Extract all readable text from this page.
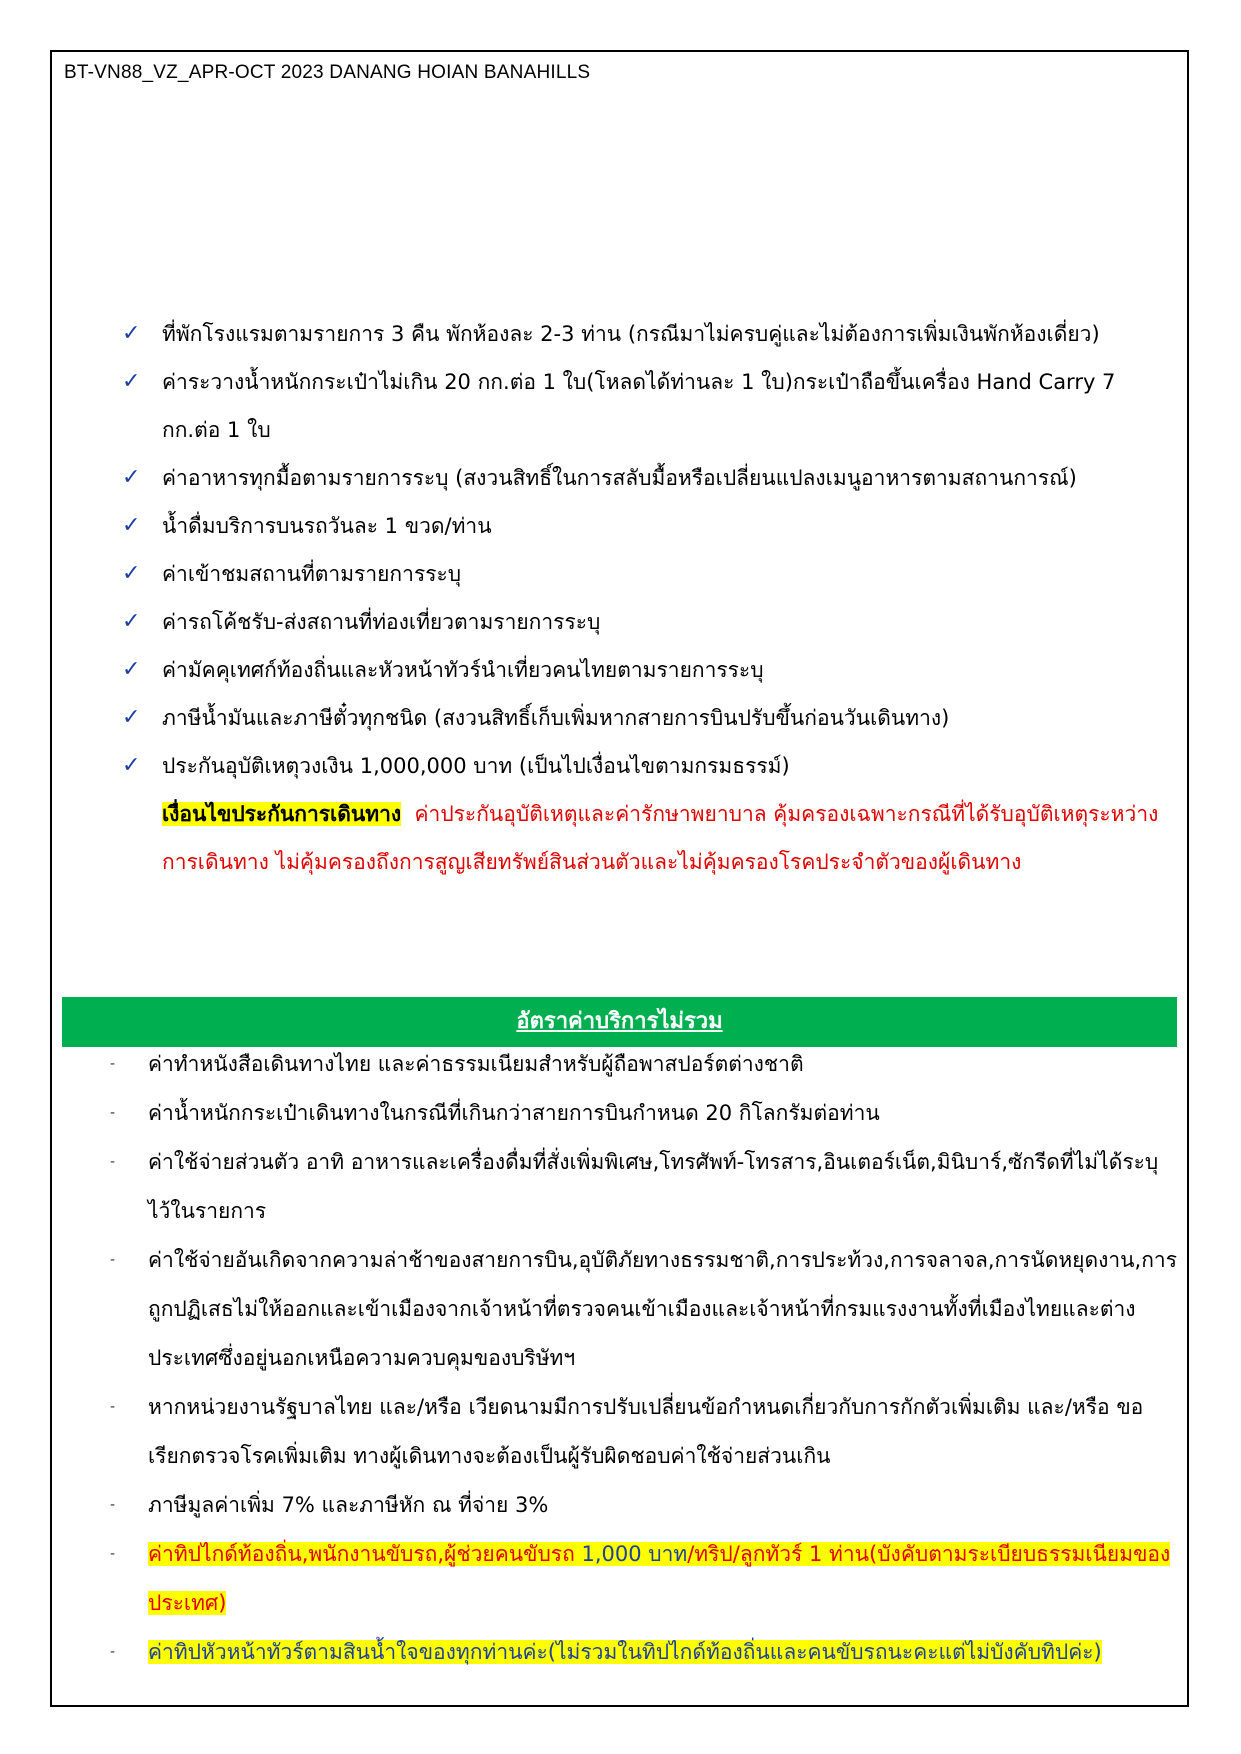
BT-VN88_VZ_APR-OCT 2023 DANANG HOIAN BANAHILLS
✓ ที่พักโรงแรมตามรายการ 3 คืน พักห้องละ 2-3 ท่าน (กรณีมาไม่ครบคู่และไม่ต้องการเพิ่มเงินพักห้องเดี่ยว)
✓ ค่าระวางน้ำหนักกระเป๋าไม่เกิน 20 กก.ต่อ 1 ใบ(โหลดได้ท่านละ 1 ใบ)กระเป๋าถือขึ้นเครื่อง Hand Carry 7 กก.ต่อ 1 ใบ
✓ ค่าอาหารทุกมื้อตามรายการระบุ (สงวนสิทธิ์ในการสลับมื้อหรือเปลี่ยนแปลงเมนูอาหารตามสถานการณ์)
✓ น้ำดื่มบริการบนรถวันละ 1 ขวด/ท่าน
✓ ค่าเข้าชมสถานที่ตามรายการระบุ
✓ ค่ารถโค้ชรับ-ส่งสถานที่ท่องเที่ยวตามรายการระบุ
✓ ค่ามัคคุเทศก์ท้องถิ่นและหัวหน้าทัวร์นำเที่ยวคนไทยตามรายการระบุ
✓ ภาษีน้ำมันและภาษีตั๋วทุกชนิด (สงวนสิทธิ์เก็บเพิ่มหากสายการบินปรับขึ้นก่อนวันเดินทาง)
✓ ประกันอุบัติเหตุวงเงิน 1,000,000 บาท (เป็นไปเงื่อนไขตามกรมธรรม์)
เงื่อนไขประกันการเดินทาง ค่าประกันอุบัติเหตุและค่ารักษาพยาบาล คุ้มครองเฉพาะกรณีที่ได้รับอุบัติเหตุระหว่างการเดินทาง ไม่คุ้มครองถึงการสูญเสียทรัพย์สินส่วนตัวและไม่คุ้มครองโรคประจำตัวของผู้เดินทาง
อัตราค่าบริการไม่รวม
- ค่าทำหนังสือเดินทางไทย และค่าธรรมเนียมสำหรับผู้ถือพาสปอร์ตต่างชาติ
- ค่าน้ำหนักกระเป๋าเดินทางในกรณีที่เกินกว่าสายการบินกำหนด 20 กิโลกรัมต่อท่าน
- ค่าใช้จ่ายส่วนตัว อาทิ อาหารและเครื่องดื่มที่สั่งเพิ่มพิเศษ,โทรศัพท์-โทรสาร,อินเตอร์เน็ต,มินิบาร์,ซักรีดที่ไม่ได้ระบุไว้ในรายการ
- ค่าใช้จ่ายอันเกิดจากความล่าช้าของสายการบิน,อุบัติภัยทางธรรมชาติ,การประท้วง,การจลาจล,การนัดหยุดงาน,การถูกปฏิเสธไม่ให้ออกและเข้าเมืองจากเจ้าหน้าที่ตรวจคนเข้าเมืองและเจ้าหน้าที่กรมแรงงานทั้งที่เมืองไทยและต่างประเทศซึ่งอยู่นอกเหนือความควบคุมของบริษัทฯ
- หากหน่วยงานรัฐบาลไทย และ/หรือ เวียดนามมีการปรับเปลี่ยนข้อกำหนดเกี่ยวกับการกักตัวเพิ่มเติม และ/หรือ ขอเรียกตรวจโรคเพิ่มเติม ทางผู้เดินทางจะต้องเป็นผู้รับผิดชอบค่าใช้จ่ายส่วนเกิน
- ภาษีมูลค่าเพิ่ม 7% และภาษีหัก ณ ที่จ่าย 3%
- ค่าทิปไกด์ท้องถิ่น,พนักงานขับรถ,ผู้ช่วยคนขับรถ 1,000 บาท/ทริป/ลูกทัวร์ 1 ท่าน(บังคับตามระเบียบธรรมเนียมของประเทศ)
- ค่าทิปหัวหน้าทัวร์ตามสินน้ำใจของทุกท่านค่ะ(ไม่รวมในทิปไกด์ท้องถิ่นและคนขับรถนะคะแต่ไม่บังคับทิปค่ะ)
